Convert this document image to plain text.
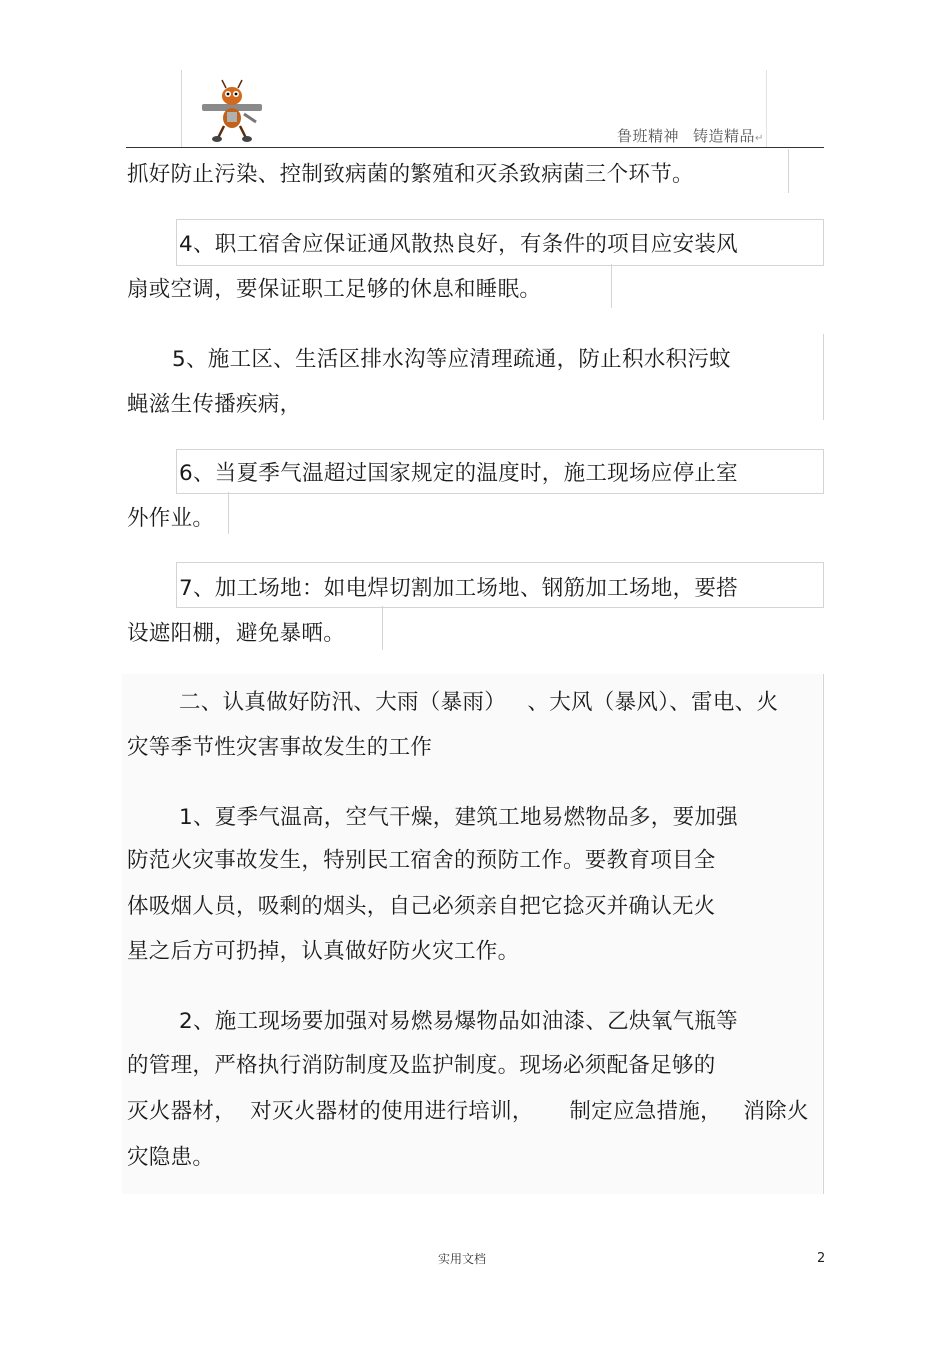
鲁班精神 铸造精品↵
抓好防止污染、控制致病菌的繁殖和灭杀致病菌三个环节。
4、职工宿舍应保证通风散热良好，有条件的项目应安装风
扇或空调，要保证职工足够的休息和睡眠。
5、施工区、生活区排水沟等应清理疏通，防止积水积污蚊
蝇滋生传播疾病，
6、当夏季气温超过国家规定的温度时，施工现场应停止室
外作业。
7、加工场地：如电焊切割加工场地、钢筋加工场地，要搭
设遮阳棚，避免暴晒。
二、认真做好防汛、大雨（暴雨）   、大风（暴风）、雷电、火
灾等季节性灾害事故发生的工作
1、夏季气温高，空气干燥，建筑工地易燃物品多，要加强
防范火灾事故发生，特别民工宿舍的预防工作。要教育项目全
体吸烟人员，吸剩的烟头，自己必须亲自把它捻灭并确认无火
星之后方可扔掉，认真做好防火灾工作。
2、施工现场要加强对易燃易爆物品如油漆、乙炔氧气瓶等
的管理，严格执行消防制度及监护制度。现场必须配备足够的
灭火器材，  对灭火器材的使用进行培训，     制定应急措施，   消除火
灾隐患。
实用文档	2
